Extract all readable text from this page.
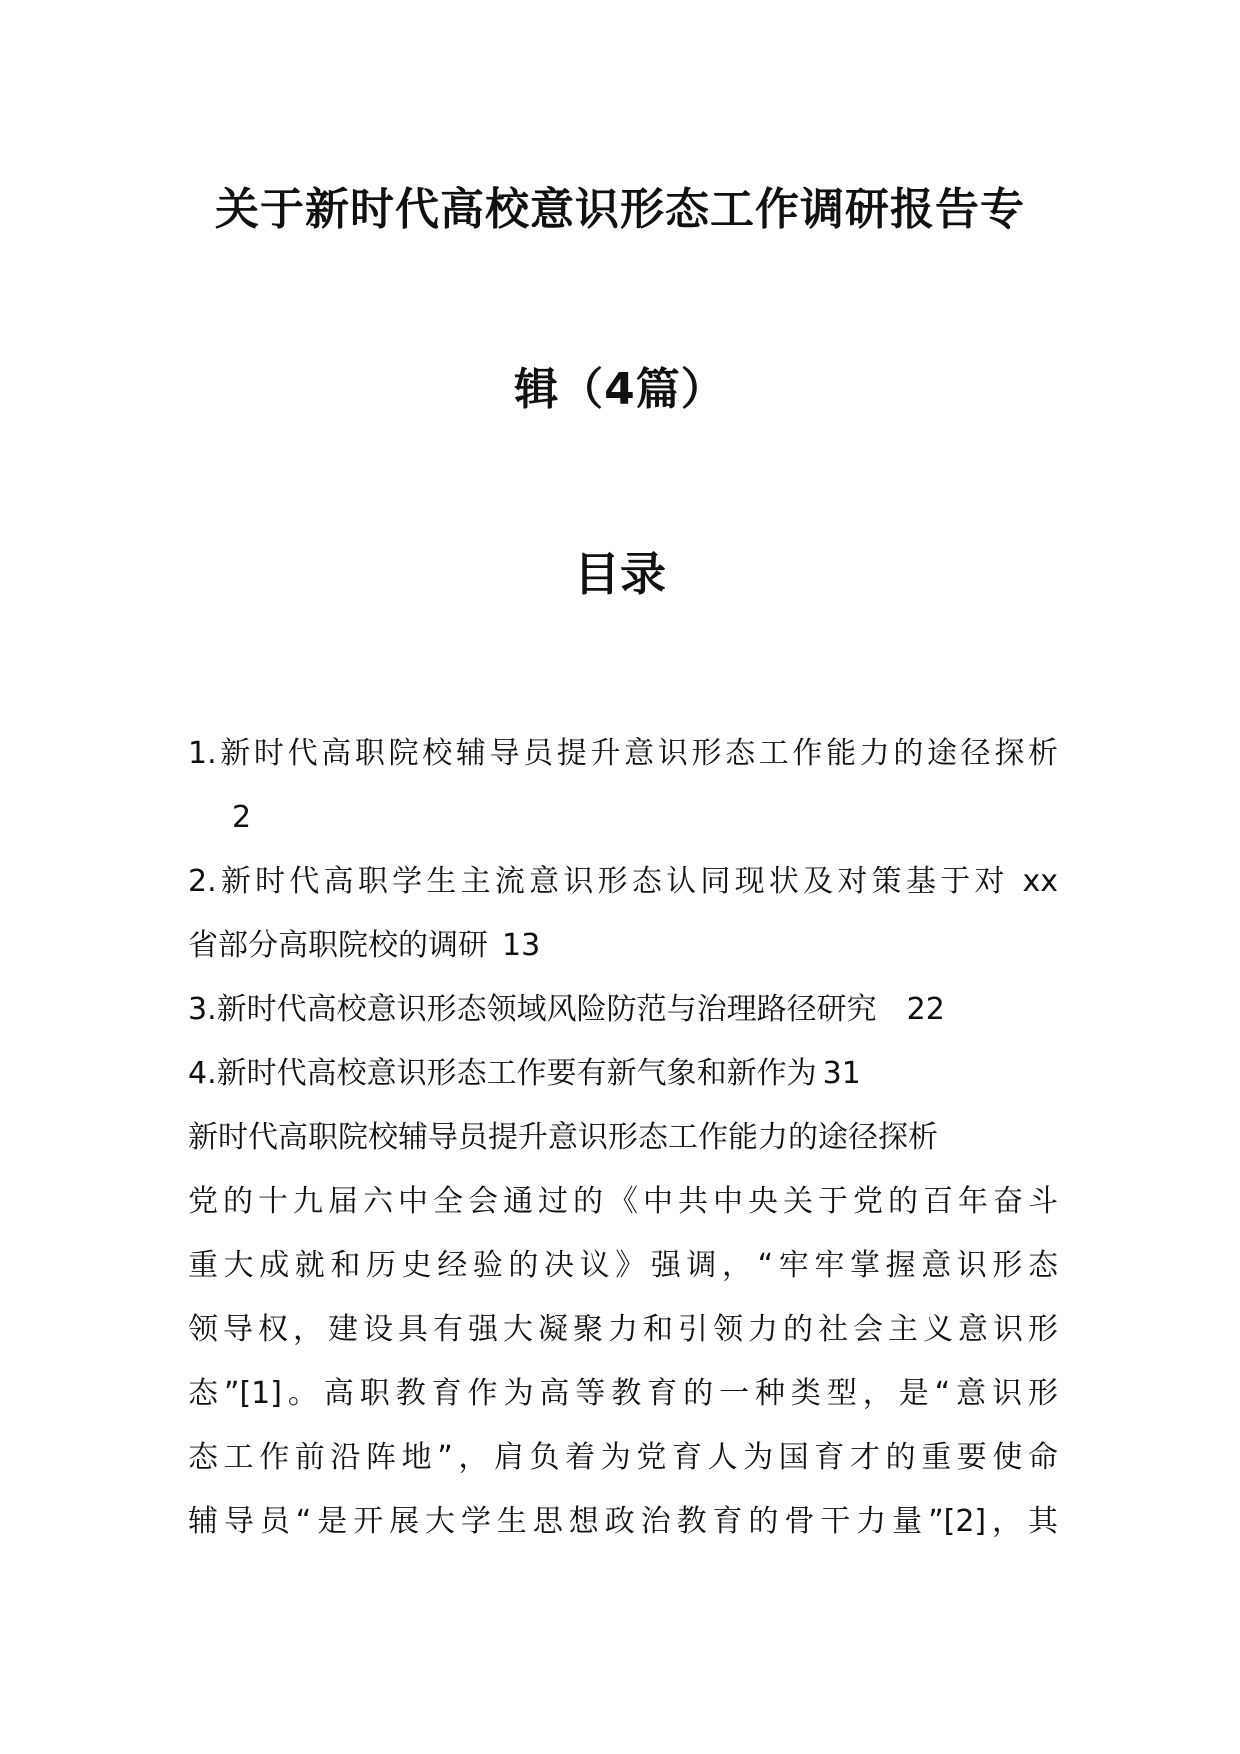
关于新时代高校意识形态工作调研报告专
辑（4篇）
目录
1.新时代高职院校辅导员提升意识形态工作能力的途径探析
2
2.新时代高职学生主流意识形态认同现状及对策基于对 xx
省部分高职院校的调研 13
3.新时代高校意识形态领域风险防范与治理路径研究 22
4.新时代高校意识形态工作要有新气象和新作为 31
新时代高职院校辅导员提升意识形态工作能力的途径探析
党的十九届六中全会通过的《中共中央关于党的百年奋斗
重大成就和历史经验的决议》强调，“牢牢掌握意识形态
领导权，建设具有强大凝聚力和引领力的社会主义意识形
态”[1]。高职教育作为高等教育的一种类型，是“意识形
态工作前沿阵地”，肩负着为党育人为国育才的重要使命
辅导员“是开展大学生思想政治教育的骨干力量”[2]，其
